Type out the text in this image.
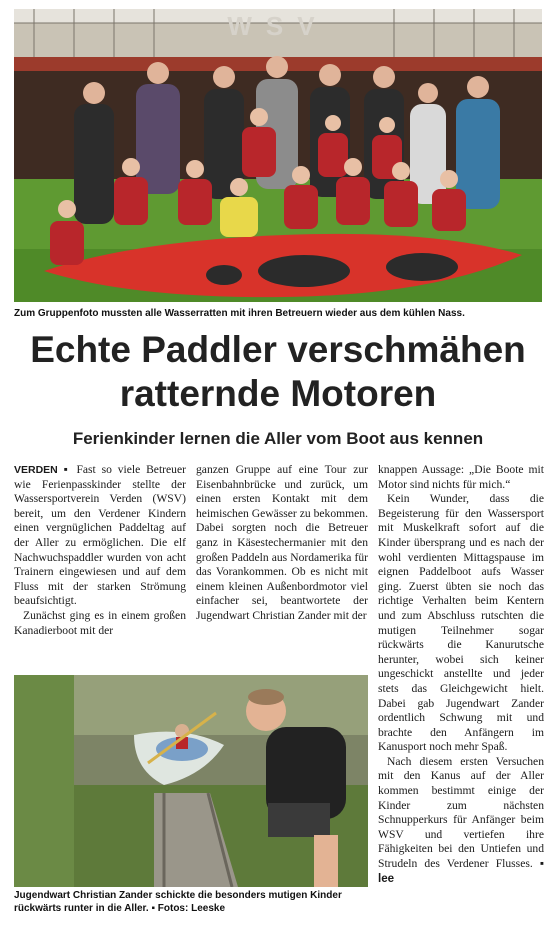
WSV
Zum Gruppenfoto mussten alle Wasserratten mit ihren Betreuern wieder aus dem kühlen Nass.
Echte Paddler verschmähen
ratternde Motoren
Ferienkinder lernen die Aller vom Boot aus kennen

VERDEN ▪ Fast so viele Betreuer wie Ferienpasskinder stellte der Wassersportverein Verden (WSV) bereit, um den Verdener Kindern einen vergnüglichen Paddeltag auf der Aller zu ermöglichen. Die elf Nachwuchspaddler wurden von acht Trainern eingewiesen und auf dem Fluss mit der starken Strömung beaufsichtigt.

Zunächst ging es in einem großen Kanadierboot mit der

ganzen Gruppe auf eine Tour zur Eisenbahnbrücke und zurück, um einen ersten Kontakt mit dem heimischen Gewässer zu bekommen. Dabei sorgten noch die Betreuer ganz in Käsestechermanier mit den großen Paddeln aus Nordamerika für das Vorankommen. Ob es nicht mit einem kleinen Außenbordmotor viel einfacher sei, beantwortete der Jugendwart Christian Zander mit der

knappen Aussage: „Die Boote mit Motor sind nichts für mich.“

Kein Wunder, dass die Begeisterung für den Wassersport mit Muskelkraft sofort auf die Kinder übersprang und es nach der wohl verdienten Mittagspause im eignen Paddelboot aufs Wasser ging. Zuerst übten sie noch das richtige Verhalten beim Kentern und zum Abschluss rutschten die mutigen Teilnehmer sogar rückwärts die Kanurutsche herunter, wobei sich keiner ungeschickt anstellte und jeder stets das Gleichgewicht hielt. Dabei gab Jugendwart Zander ordentlich Schwung mit und brachte den Anfängern im Kanusport noch mehr Spaß.

Nach diesem ersten Versuchen mit den Kanus auf der Aller kommen bestimmt einige der Kinder zum nächsten Schnupperkurs für Anfänger beim WSV und vertiefen ihre Fähigkeiten bei den Untiefen und Strudeln des Verdener Flusses. ▪ lee

Jugendwart Christian Zander schickte die besonders mutigen Kinder rückwärts runter in die Aller. ▪ Fotos: Leeske
